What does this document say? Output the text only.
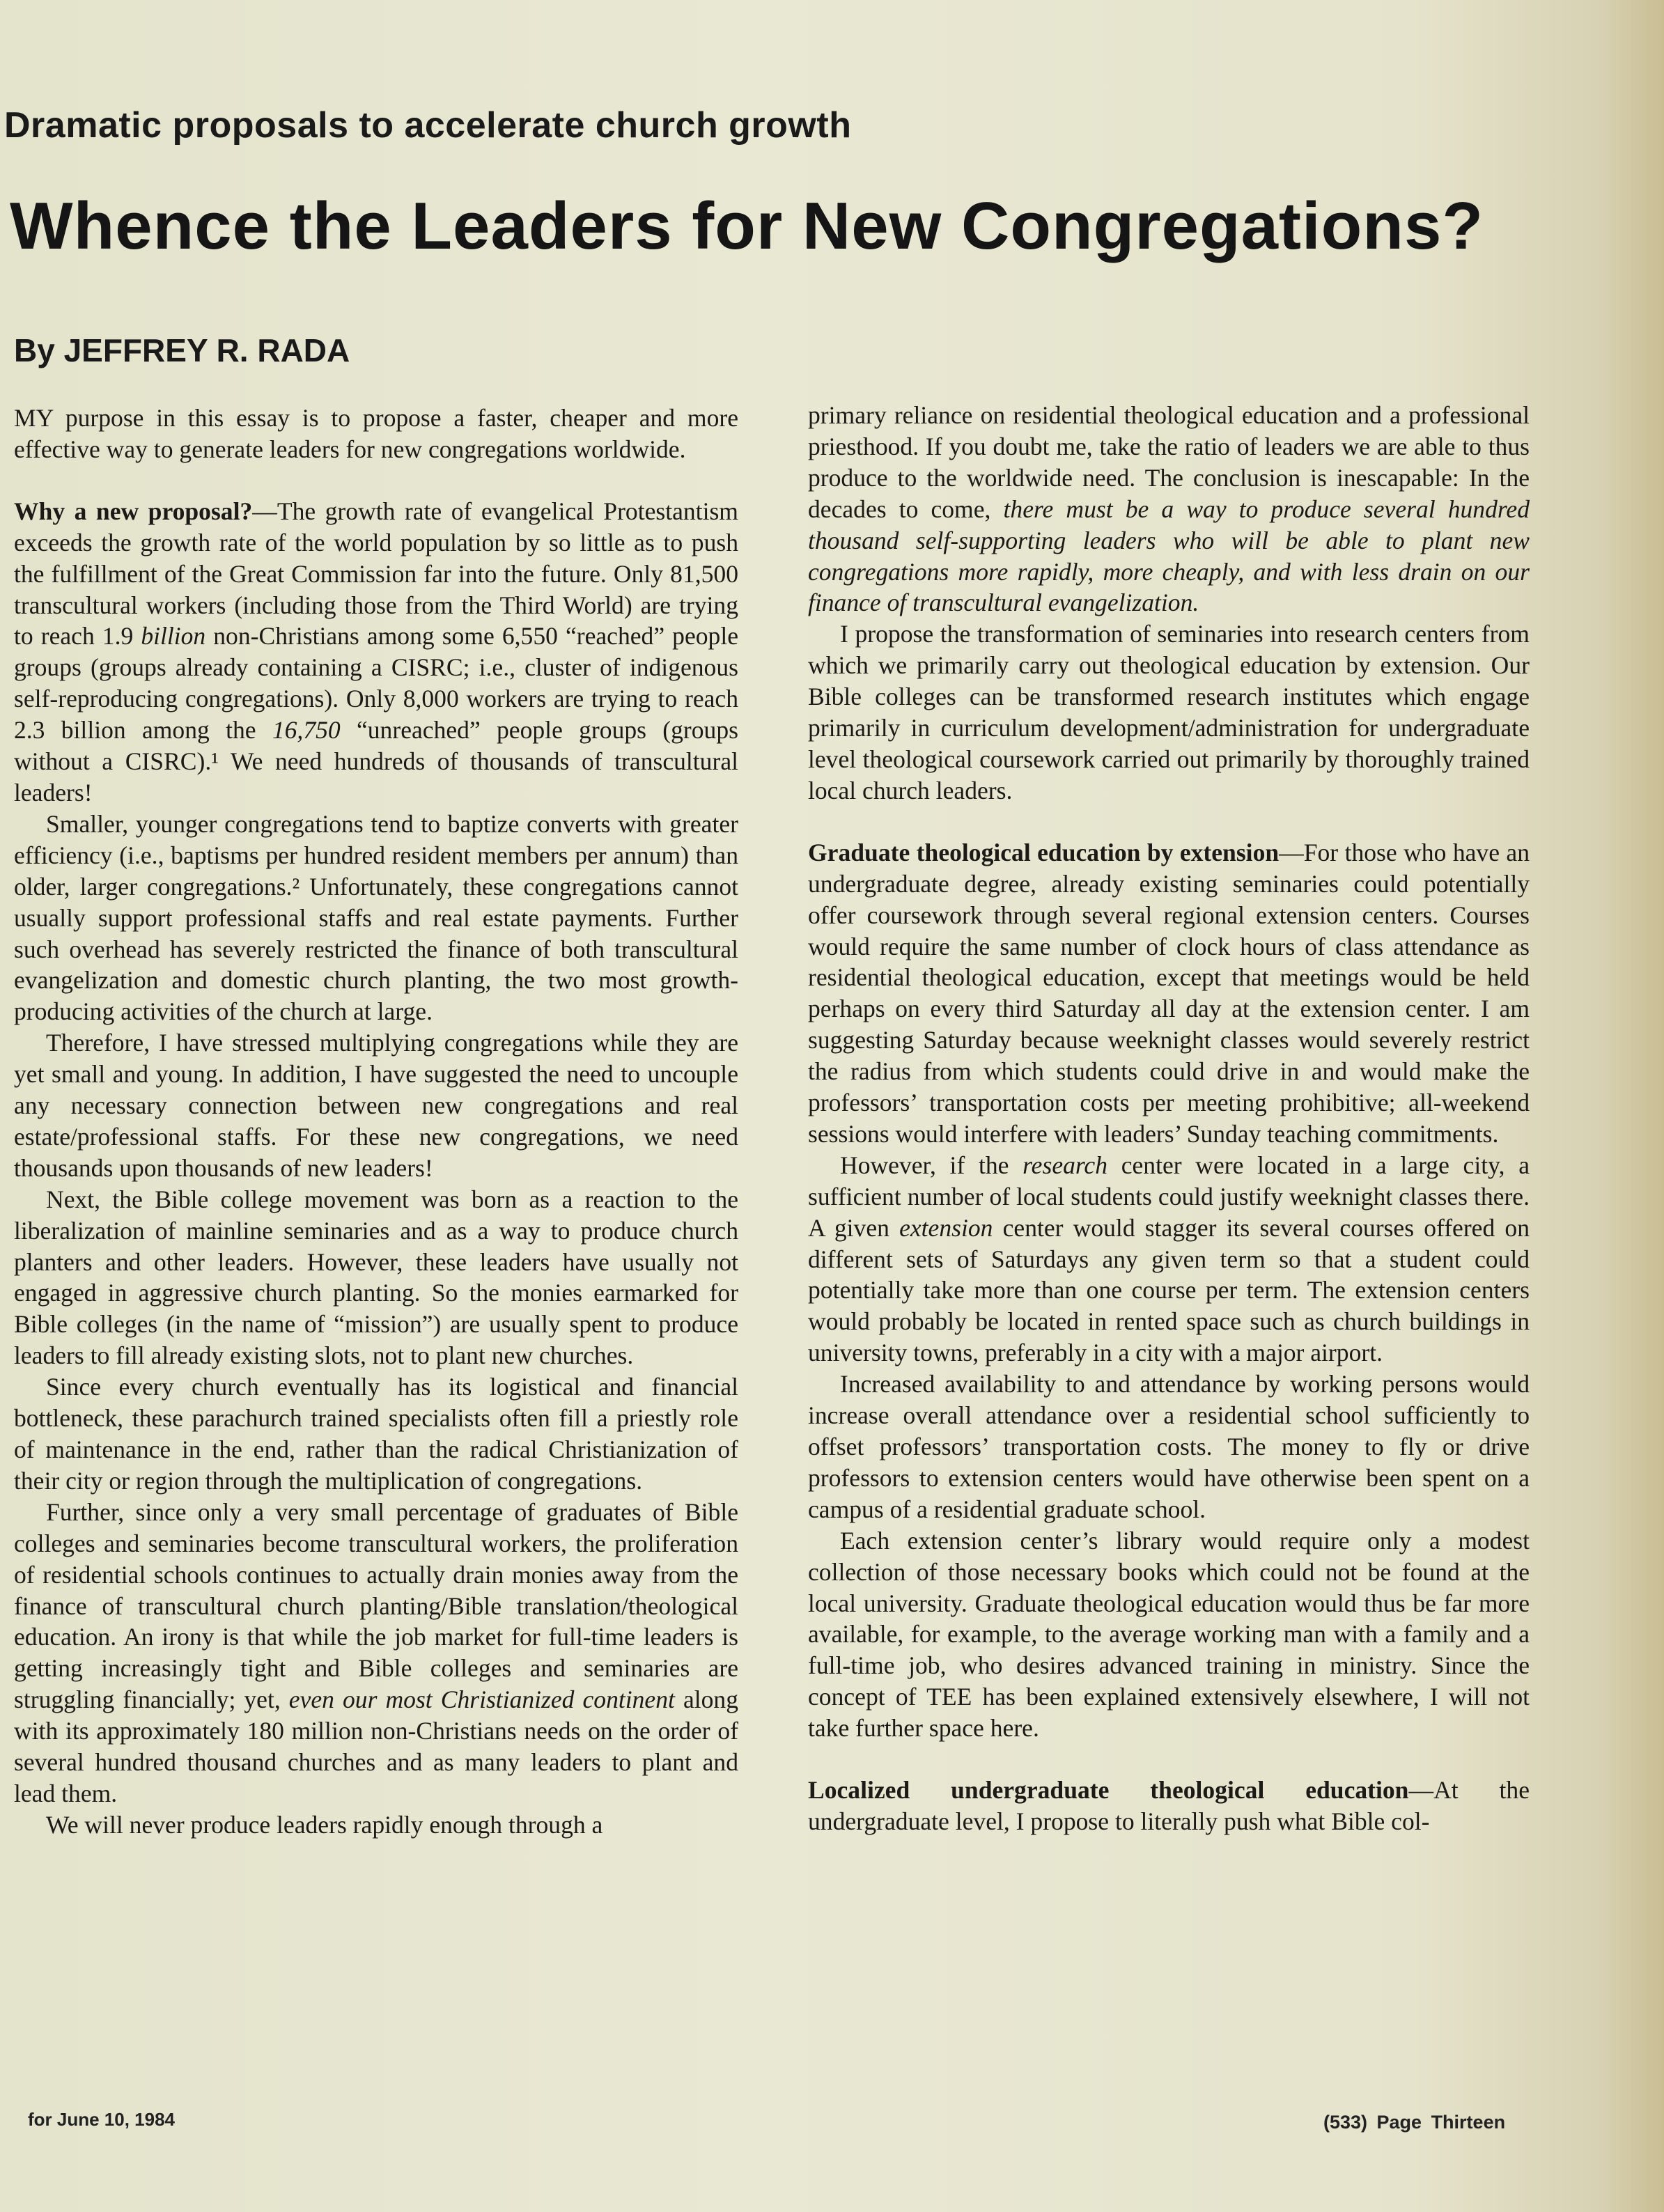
Dramatic proposals to accelerate church growth
Whence the Leaders for New Congregations?
By JEFFREY R. RADA

MY purpose in this essay is to propose a faster, cheaper and more effective way to generate leaders for new congregations worldwide.

Why a new proposal?—The growth rate of evangelical Protestantism exceeds the growth rate of the world population by so little as to push the fulfillment of the Great Commission far into the future. Only 81,500 transcultural workers (including those from the Third World) are trying to reach 1.9 billion non-Christians among some 6,550 “reached” people groups (groups already containing a CISRC; i.e., cluster of indigenous self-reproducing congregations). Only 8,000 workers are trying to reach 2.3 billion among the 16,750 “unreached” people groups (groups without a CISRC).¹ We need hundreds of thousands of transcultural leaders!

Smaller, younger congregations tend to baptize converts with greater efficiency (i.e., baptisms per hundred resident members per annum) than older, larger congregations.² Unfortunately, these congregations cannot usually support professional staffs and real estate payments. Further such overhead has severely restricted the finance of both transcultural evangelization and domestic church planting, the two most growth-producing activities of the church at large.

Therefore, I have stressed multiplying congregations while they are yet small and young. In addition, I have suggested the need to uncouple any necessary connection between new congregations and real estate/professional staffs. For these new congregations, we need thousands upon thousands of new leaders!

Next, the Bible college movement was born as a reaction to the liberalization of mainline seminaries and as a way to produce church planters and other leaders. However, these leaders have usually not engaged in aggressive church planting. So the monies earmarked for Bible colleges (in the name of “mission”) are usually spent to produce leaders to fill already existing slots, not to plant new churches.

Since every church eventually has its logistical and financial bottleneck, these parachurch trained specialists often fill a priestly role of maintenance in the end, rather than the radical Christianization of their city or region through the multiplication of congregations.

Further, since only a very small percentage of graduates of Bible colleges and seminaries become transcultural workers, the proliferation of residential schools continues to actually drain monies away from the finance of transcultural church planting/Bible translation/theological education. An irony is that while the job market for full-time leaders is getting increasingly tight and Bible colleges and seminaries are struggling financially; yet, even our most Christianized continent along with its approximately 180 million non-Christians needs on the order of several hundred thousand churches and as many leaders to plant and lead them.

We will never produce leaders rapidly enough through a

primary reliance on residential theological education and a professional priesthood. If you doubt me, take the ratio of leaders we are able to thus produce to the worldwide need. The conclusion is inescapable: In the decades to come, there must be a way to produce several hundred thousand self-supporting leaders who will be able to plant new congregations more rapidly, more cheaply, and with less drain on our finance of transcultural evangelization.

I propose the transformation of seminaries into research centers from which we primarily carry out theological education by extension. Our Bible colleges can be transformed research institutes which engage primarily in curriculum development/administration for undergraduate level theological coursework carried out primarily by thoroughly trained local church leaders.

Graduate theological education by extension—For those who have an undergraduate degree, already existing seminaries could potentially offer coursework through several regional extension centers. Courses would require the same number of clock hours of class attendance as residential theological education, except that meetings would be held perhaps on every third Saturday all day at the extension center. I am suggesting Saturday because weeknight classes would severely restrict the radius from which students could drive in and would make the professors’ transportation costs per meeting prohibitive; all-weekend sessions would interfere with leaders’ Sunday teaching commitments.

However, if the research center were located in a large city, a sufficient number of local students could justify weeknight classes there. A given extension center would stagger its several courses offered on different sets of Saturdays any given term so that a student could potentially take more than one course per term. The extension centers would probably be located in rented space such as church buildings in university towns, preferably in a city with a major airport.

Increased availability to and attendance by working persons would increase overall attendance over a residential school sufficiently to offset professors’ transportation costs. The money to fly or drive professors to extension centers would have otherwise been spent on a campus of a residential graduate school.

Each extension center’s library would require only a modest collection of those necessary books which could not be found at the local university. Graduate theological education would thus be far more available, for example, to the average working man with a family and a full-time job, who desires advanced training in ministry. Since the concept of TEE has been explained extensively elsewhere, I will not take further space here.

Localized undergraduate theological education—At the undergraduate level, I propose to literally push what Bible col-

for June 10, 1984	(533) Page Thirteen
